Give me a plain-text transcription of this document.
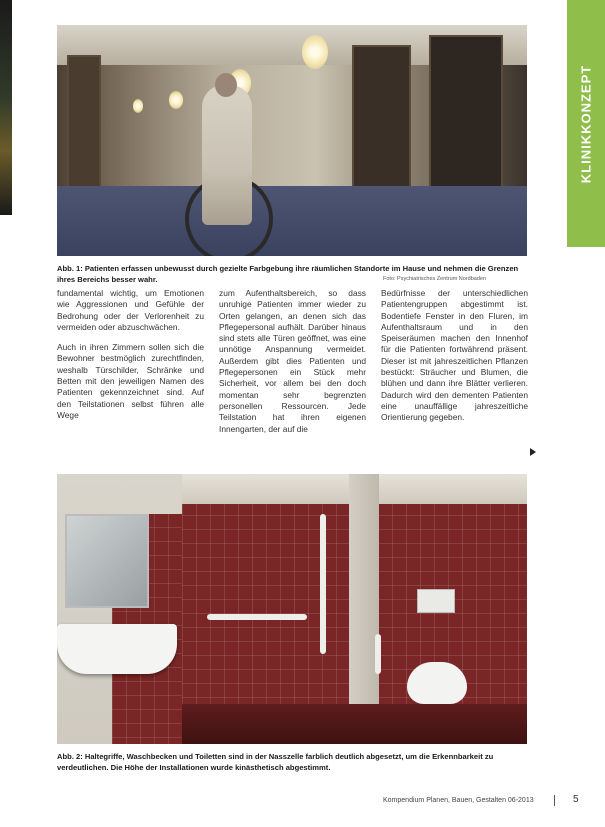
KLINIKKONZEPT
Abb. 1: Patienten erfassen unbewusst durch gezielte Farbgebung ihre räumlichen Standorte im Hause und nehmen die Grenzen ihres Bereichs besser wahr.	Foto: Psychiatrisches Zentrum Nordbaden

fundamental wichtig, um Emotionen wie Aggressionen und Gefühle der Bedrohung oder der Verlorenheit zu vermeiden oder abzuschwächen.

Auch in ihren Zimmern sollen sich die Bewohner bestmöglich zurechtfinden, weshalb Türschilder, Schränke und Betten mit den jeweiligen Namen des Patienten gekennzeichnet sind. Auf den Teilstationen selbst führen alle Wege

zum Aufenthaltsbereich, so dass unruhige Patienten immer wieder zu Orten gelangen, an denen sich das Pflegepersonal aufhält. Darüber hinaus sind stets alle Türen geöffnet, was eine unnötige Anspannung vermeidet. Außerdem gibt dies Patienten und Pflegepersonen ein Stück mehr Sicherheit, vor allem bei den doch momentan sehr begrenzten personellen Ressourcen. Jede Teilstation hat ihren eigenen Innengarten, der auf die

Bedürfnisse der unterschiedlichen Patientengruppen abgestimmt ist. Bodentiefe Fenster in den Fluren, im Aufenthaltsraum und in den Speiseräumen machen den Innenhof für die Patienten fortwährend präsent. Dieser ist mit jahreszeitlichen Pflanzen bestückt: Sträucher und Blumen, die blühen und dann ihre Blätter verlieren. Dadurch wird den dementen Patienten eine unauffällige jahreszeitliche Orientierung gegeben.

Abb. 2: Haltegriffe, Waschbecken und Toiletten sind in der Nasszelle farblich deutlich abgesetzt, um die Erkennbarkeit zu verdeutlichen. Die Höhe der Installationen wurde kinästhetisch abgestimmt.
Kompendium Planen, Bauen, Gestalten 06-2013	5
